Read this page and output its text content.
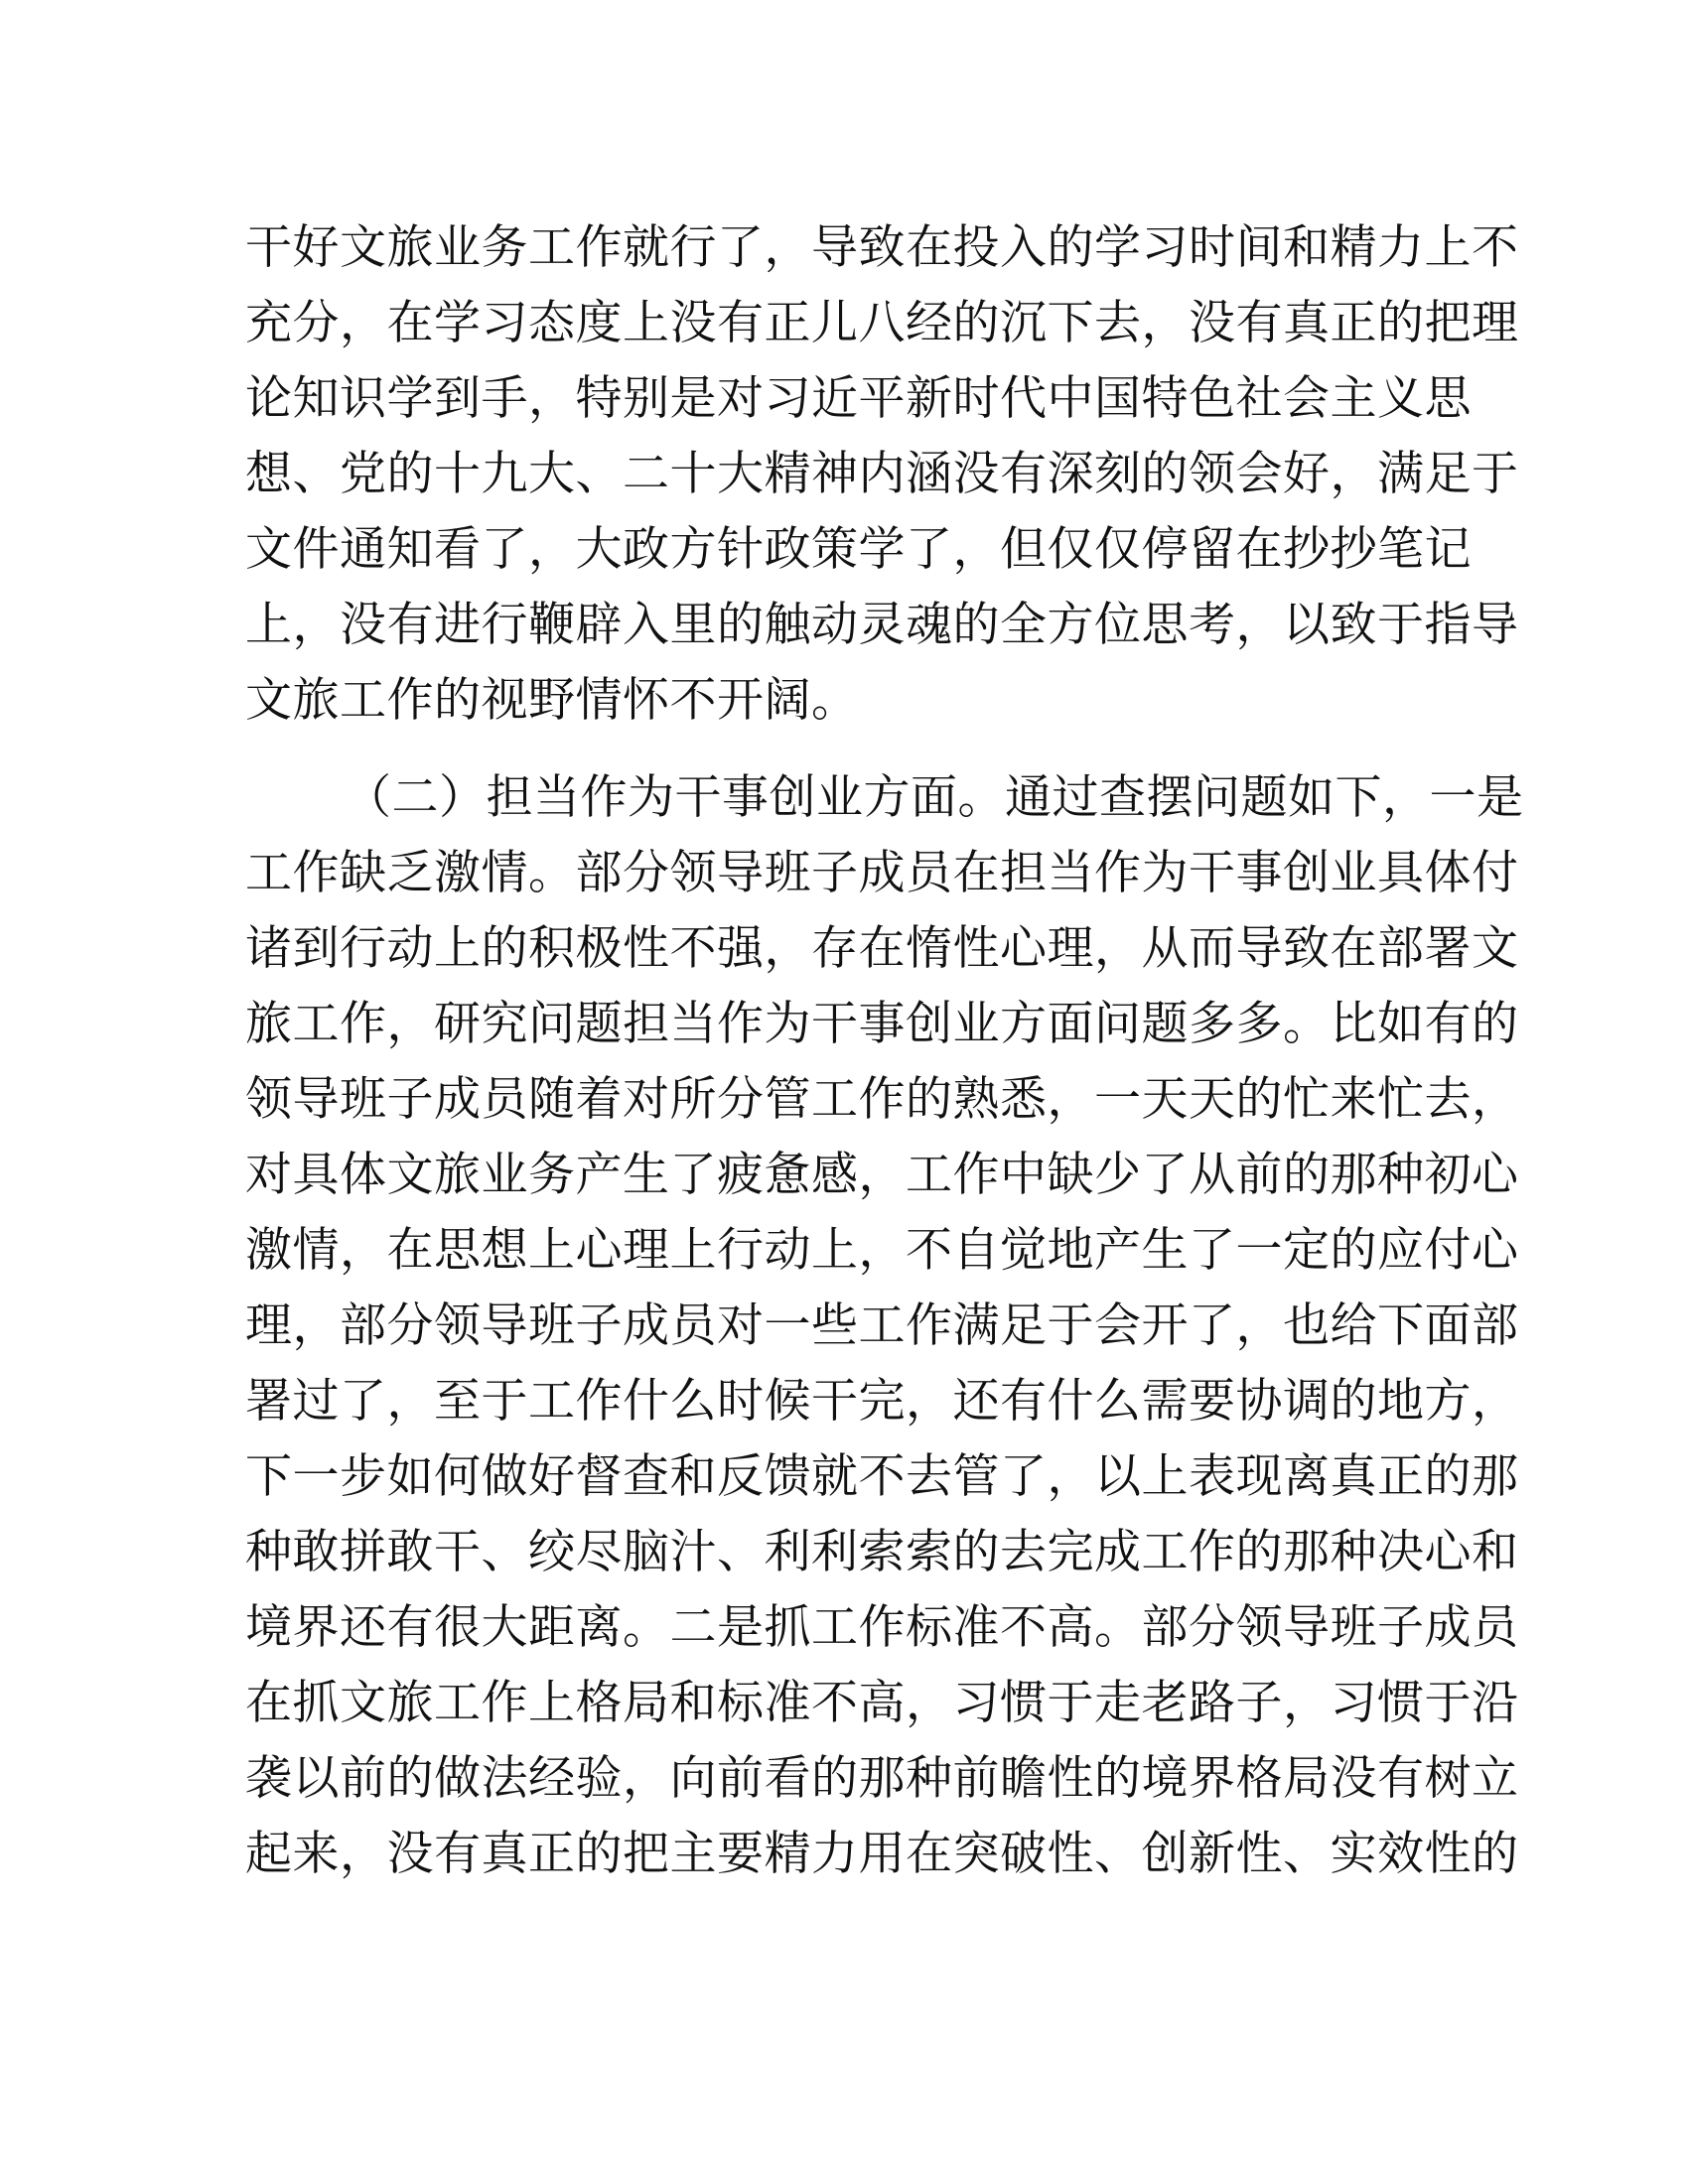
干好文旅业务工作就行了，导致在投入的学习时间和精力上不
充分，在学习态度上没有正儿八经的沉下去，没有真正的把理
论知识学到手，特别是对习近平新时代中国特色社会主义思
想、党的十九大、二十大精神内涵没有深刻的领会好，满足于
文件通知看了，大政方针政策学了，但仅仅停留在抄抄笔记
上，没有进行鞭辟入里的触动灵魂的全方位思考，以致于指导
文旅工作的视野情怀不开阔。
（二）担当作为干事创业方面。通过查摆问题如下，一是
工作缺乏激情。部分领导班子成员在担当作为干事创业具体付
诸到行动上的积极性不强，存在惰性心理，从而导致在部署文
旅工作，研究问题担当作为干事创业方面问题多多。比如有的
领导班子成员随着对所分管工作的熟悉，一天天的忙来忙去，
对具体文旅业务产生了疲惫感，工作中缺少了从前的那种初心
激情，在思想上心理上行动上，不自觉地产生了一定的应付心
理，部分领导班子成员对一些工作满足于会开了，也给下面部
署过了，至于工作什么时候干完，还有什么需要协调的地方，
下一步如何做好督查和反馈就不去管了，以上表现离真正的那
种敢拼敢干、绞尽脑汁、利利索索的去完成工作的那种决心和
境界还有很大距离。二是抓工作标准不高。部分领导班子成员
在抓文旅工作上格局和标准不高，习惯于走老路子，习惯于沿
袭以前的做法经验，向前看的那种前瞻性的境界格局没有树立
起来，没有真正的把主要精力用在突破性、创新性、实效性的
